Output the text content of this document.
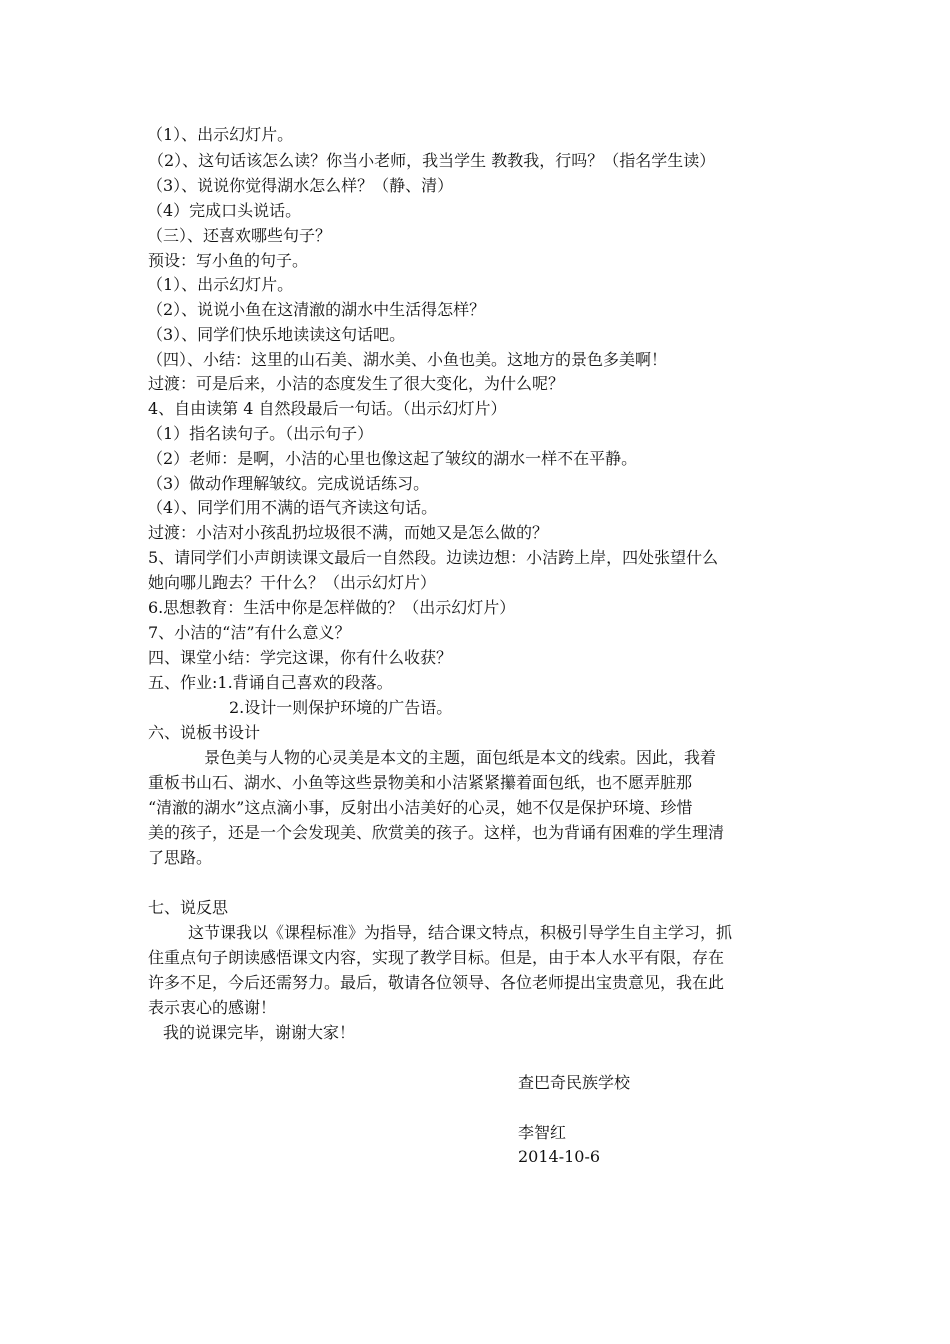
（1）、出示幻灯片。
（2）、这句话该怎么读？你当小老师，我当学生 教教我，行吗？（指名学生读）
（3）、说说你觉得湖水怎么样？（静、清）
（4）完成口头说话。
（三）、还喜欢哪些句子？
预设：写小鱼的句子。
（1）、出示幻灯片。
（2）、说说小鱼在这清澈的湖水中生活得怎样？
（3）、同学们快乐地读读这句话吧。
（四）、小结：这里的山石美、湖水美、小鱼也美。这地方的景色多美啊！
过渡：可是后来，小洁的态度发生了很大变化，为什么呢？
4、自由读第 4 自然段最后一句话。（出示幻灯片）
（1）指名读句子。（出示句子）
（2）老师：是啊，小洁的心里也像这起了皱纹的湖水一样不在平静。
（3）做动作理解皱纹。完成说话练习。
（4）、同学们用不满的语气齐读这句话。
过渡：小洁对小孩乱扔垃圾很不满，而她又是怎么做的？
5、请同学们小声朗读课文最后一自然段。边读边想：小洁跨上岸，四处张望什么
她向哪儿跑去？干什么？（出示幻灯片）
6.思想教育：生活中你是怎样做的？（出示幻灯片）
7、小洁的“洁”有什么意义？
四、课堂小结：学完这课，你有什么收获？
五、作业:1.背诵自己喜欢的段落。
2.设计一则保护环境的广告语。
六、说板书设计
景色美与人物的心灵美是本文的主题，面包纸是本文的线索。因此，我着
重板书山石、湖水、小鱼等这些景物美和小洁紧紧攥着面包纸，也不愿弄脏那
“清澈的湖水”这点滴小事，反射出小洁美好的心灵，她不仅是保护环境、珍惜
美的孩子，还是一个会发现美、欣赏美的孩子。这样，也为背诵有困难的学生理清
了思路。
七、说反思
这节课我以《课程标准》为指导，结合课文特点，积极引导学生自主学习，抓
住重点句子朗读感悟课文内容，实现了教学目标。但是，由于本人水平有限，存在
许多不足，今后还需努力。最后，敬请各位领导、各位老师提出宝贵意见，我在此
表示衷心的感谢！
我的说课完毕，谢谢大家！
查巴奇民族学校
李智红
2014-10-6
